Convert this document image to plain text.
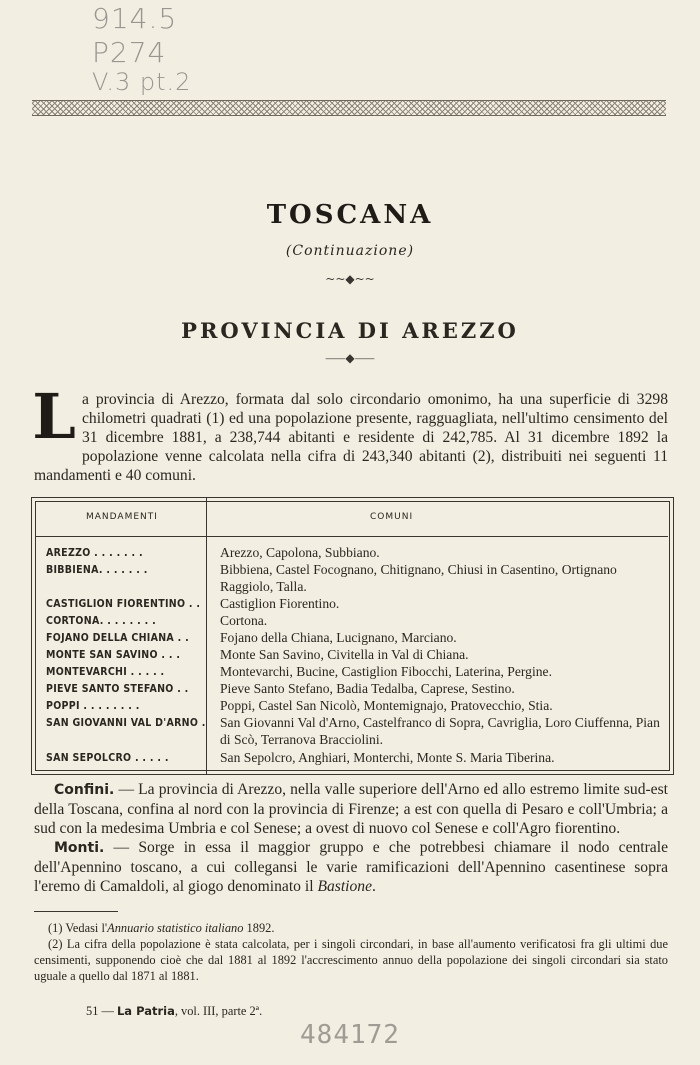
914.5
P274
V.3 pt.2
TOSCANA
(Continuazione)
~~◆~~
PROVINCIA DI AREZZO
⸺◆⸺
L a provincia di Arezzo, formata dal solo circondario omonimo, ha una superficie di 3298 chilometri quadrati (1) ed una popolazione presente, ragguagliata, nell'ultimo censimento del 31 dicembre 1881, a 238,744 abitanti e residente di 242,785. Al 31 dicembre 1892 la popolazione venne calcolata nella cifra di 243,340 abitanti (2), distribuiti nei seguenti 11 mandamenti e 40 comuni.
MANDAMENTI	COMUNI
AREZZO . . . . . . .	Arezzo, Capolona, Subbiano.
BIBBIENA. . . . . . .	Bibbiena, Castel Focognano, Chitignano, Chiusi in Casentino, Ortignano Raggiolo, Talla.
CASTIGLION FIORENTINO . . Castiglion Fiorentino.
CORTONA. . . . . . . .	Cortona.
FOJANO DELLA CHIANA . . Fojano della Chiana, Lucignano, Marciano.
MONTE SAN SAVINO . . .	Monte San Savino, Civitella in Val di Chiana.
MONTEVARCHI . . . . .	Montevarchi, Bucine, Castiglion Fibocchi, Laterina, Pergine.
PIEVE SANTO STEFANO . . Pieve Santo Stefano, Badia Tedalba, Caprese, Sestino.
POPPI . . . . . . . .	Poppi, Castel San Nicolò, Montemignajo, Pratovecchio, Stia.
SAN GIOVANNI VAL D'ARNO . San Giovanni Val d'Arno, Castelfranco di Sopra, Cavriglia, Loro Ciuffenna, Pian di Scò, Terranova Bracciolini.
SAN SEPOLCRO . . . . .	San Sepolcro, Anghiari, Monterchi, Monte S. Maria Tiberina.

Confini. — La provincia di Arezzo, nella valle superiore dell'Arno ed allo estremo limite sud-est della Toscana, confina al nord con la provincia di Firenze; a est con quella di Pesaro e coll'Umbria; a sud con la medesima Umbria e col Senese; a ovest di nuovo col Senese e coll'Agro fiorentino.

Monti. — Sorge in essa il maggior gruppo e che potrebbesi chiamare il nodo centrale dell'Apennino toscano, a cui collegansi le varie ramificazioni dell'Apennino casentinese sopra l'eremo di Camaldoli, al giogo denominato il Bastione.

(1) Vedasi l'Annuario statistico italiano 1892.

(2) La cifra della popolazione è stata calcolata, per i singoli circondari, in base all'aumento verificatosi fra gli ultimi due censimenti, supponendo cioè che dal 1881 al 1892 l'accrescimento annuo della popolazione dei singoli circondari sia stato uguale a quello dal 1871 al 1881.

51 — La Patria, vol. III, parte 2ª.
484172
